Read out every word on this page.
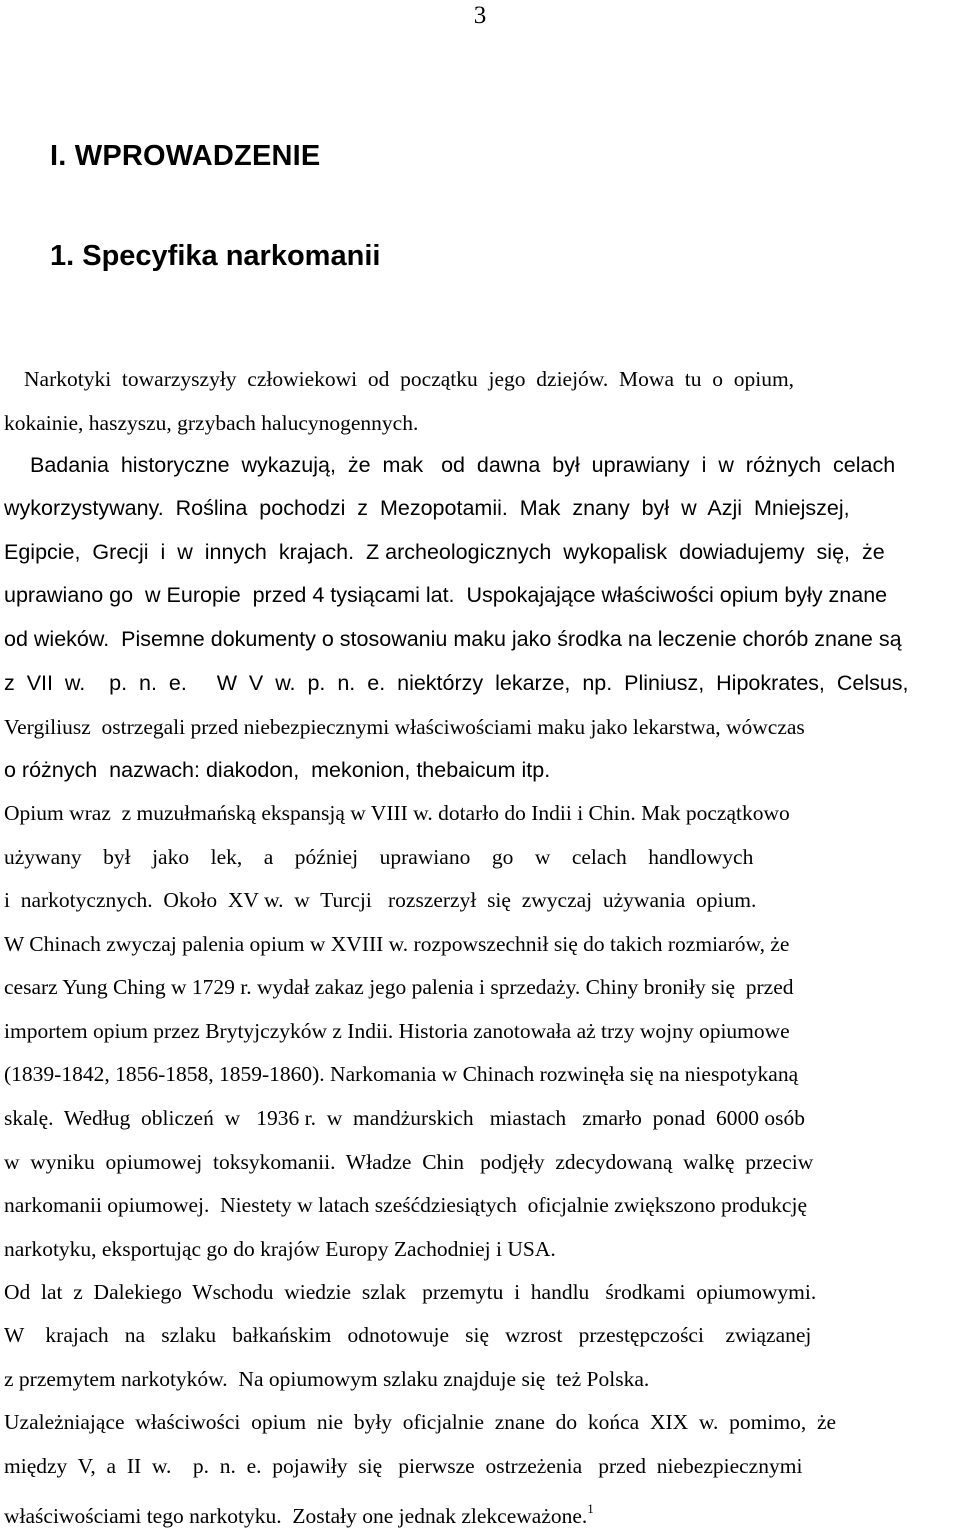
3
I. WPROWADZENIE
1. Specyfika narkomanii
Narkotyki  towarzyszyły  człowiekowi  od  początku  jego  dziejów.  Mowa  tu  o  opium,
kokainie, haszyszu, grzybach halucynogennych.
Badania  historyczne  wykazują,  że  mak   od  dawna  był  uprawiany  i  w  różnych  celach
wykorzystywany.  Roślina  pochodzi  z  Mezopotamii.  Mak  znany  był  w  Azji  Mniejszej,
Egipcie,  Grecji  i  w  innych  krajach.  Z archeologicznych  wykopalisk  dowiadujemy  się,  że
uprawiano go  w Europie  przed 4 tysiącami lat.  Uspokajające właściwości opium były znane
od wieków.  Pisemne dokumenty o stosowaniu maku jako środka na leczenie chorób znane są
z  VII  w.    p.  n.  e.     W  V  w.  p.  n.  e.  niektórzy  lekarze,  np.  Pliniusz,  Hipokrates,  Celsus,
Vergiliusz  ostrzegali przed niebezpiecznymi właściwościami maku jako lekarstwa, wówczas
o różnych  nazwach: diakodon,  mekonion, thebaicum itp.
Opium wraz  z muzułmańską ekspansją w VIII w. dotarło do Indii i Chin. Mak początkowo
używany    był    jako    lek,    a    później    uprawiano    go    w    celach    handlowych
i  narkotycznych.  Około  XV w.  w  Turcji   rozszerzył  się  zwyczaj  używania  opium.
W Chinach zwyczaj palenia opium w XVIII w. rozpowszechnił się do takich rozmiarów, że
cesarz Yung Ching w 1729 r. wydał zakaz jego palenia i sprzedaży. Chiny broniły się  przed
importem opium przez Brytyjczyków z Indii. Historia zanotowała aż trzy wojny opiumowe
(1839-1842, 1856-1858, 1859-1860). Narkomania w Chinach rozwinęła się na niespotykaną
skalę.  Według  obliczeń  w   1936 r.  w  mandżurskich   miastach   zmarło  ponad  6000 osób
w  wyniku  opiumowej  toksykomanii.  Władze  Chin   podjęły  zdecydowaną  walkę  przeciw
narkomanii opiumowej.  Niestety w latach sześćdziesiątych  oficjalnie zwiększono produkcję
narkotyku, eksportując go do krajów Europy Zachodniej i USA.
Od  lat  z  Dalekiego  Wschodu  wiedzie  szlak   przemytu  i  handlu   środkami  opiumowymi.
W    krajach   na   szlaku   bałkańskim   odnotowuje   się   wzrost   przestępczości    związanej
z przemytem narkotyków.  Na opiumowym szlaku znajduje się  też Polska.
Uzależniające  właściwości  opium  nie  były  oficjalnie  znane  do  końca  XIX  w.  pomimo,  że
między  V,  a  II  w.    p.  n.  e.  pojawiły  się   pierwsze  ostrzeżenia   przed  niebezpiecznymi
właściwościami tego narkotyku.  Zostały one jednak zlekceważone.$^1$
